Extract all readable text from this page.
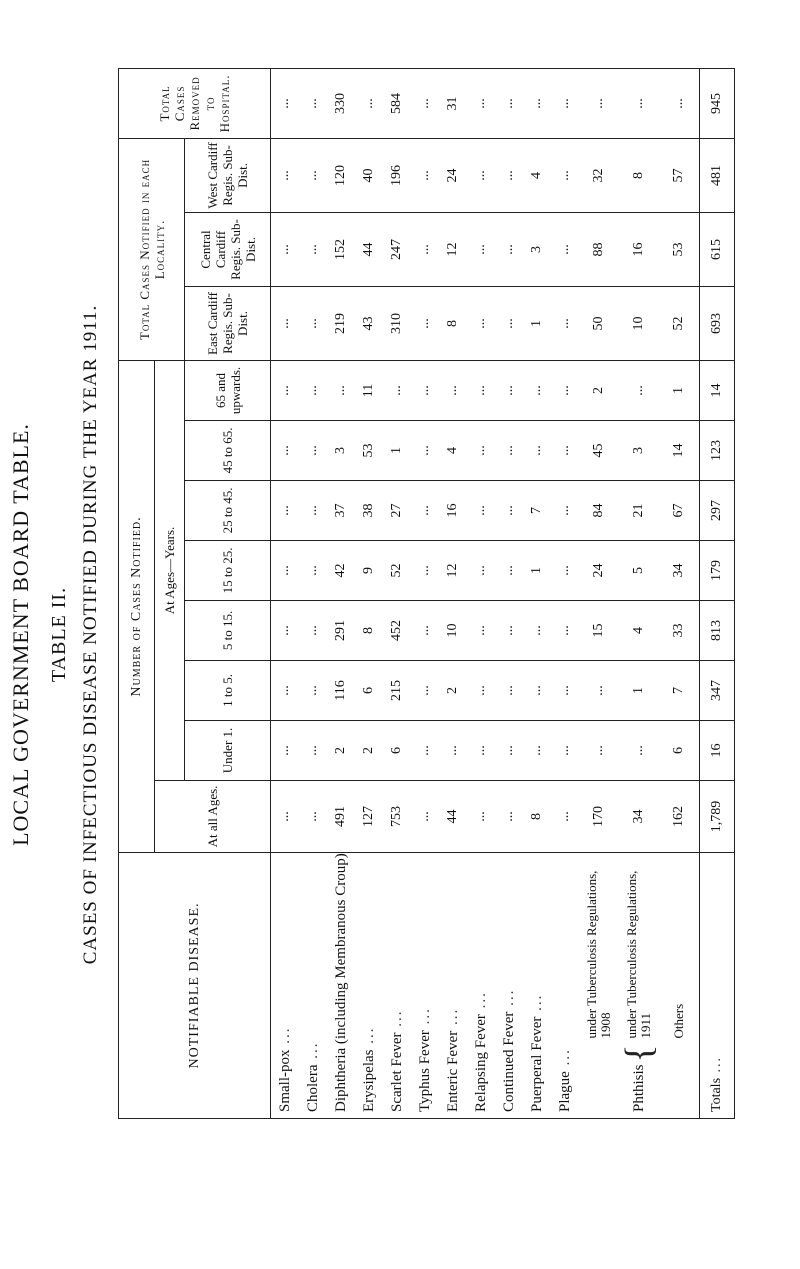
LOCAL GOVERNMENT BOARD TABLE. TABLE II. CASES OF INFECTIOUS DISEASE NOTIFIED DURING THE YEAR 1911.
NOTIFIABLE DISEASE.			Number of Cases Notified.								Total Cases Notified in each Locality.			Total Cases Removed to Hospital.
			At all Ages.	At Ages—Years.										
				Under 1.	1 to 5.	5 to 15.	15 to 25.	25 to 45.	45 to 65.	65 and upwards.	East Cardiff Regis. Sub-Dist.	Central Cardiff Regis. Sub-Dist.	West Cardiff Regis. Sub-Dist.	
Small-pox ...			...	...	...	...	...	...	...	...	...	...	...	...
Cholera ...			...	...	...	...	...	...	...	...	...	...	...	...
Diphtheria (including Membranous Croup)			491	2	116	291	42	37	3	...	219	152	120	330
Erysipelas ...			127	2	6	8	9	38	53	11	43	44	40	...
Scarlet Fever ...			753	6	215	452	52	27	1	...	310	247	196	584
Typhus Fever ...			...	...	...	...	...	...	...	...	...	...	...	...
Enteric Fever ...			44	...	2	10	12	16	4	...	8	12	24	31
Relapsing Fever ...			...	...	...	...	...	...	...	...	...	...	...	...
Continued Fever ...			...	...	...	...	...	...	...	...	...	...	...	...
Puerperal Fever ...			8	...	...	...	1	7	...	...	1	3	4	...
Plague ...			...	...	...	...	...	...	...	...	...	...	...	...
Phthisis	{	under Tuberculosis Regulations, 1908	170	...	...	15	24	84	45	2	50	88	32	...
		under Tuberculosis Regulations, 1911	34	...	1	4	5	21	3	...	10	16	8	...
		Others	162	6	7	33	34	67	14	1	52	53	57	...
Totals ...			1,789	16	347	813	179	297	123	14	693	615	481	945
